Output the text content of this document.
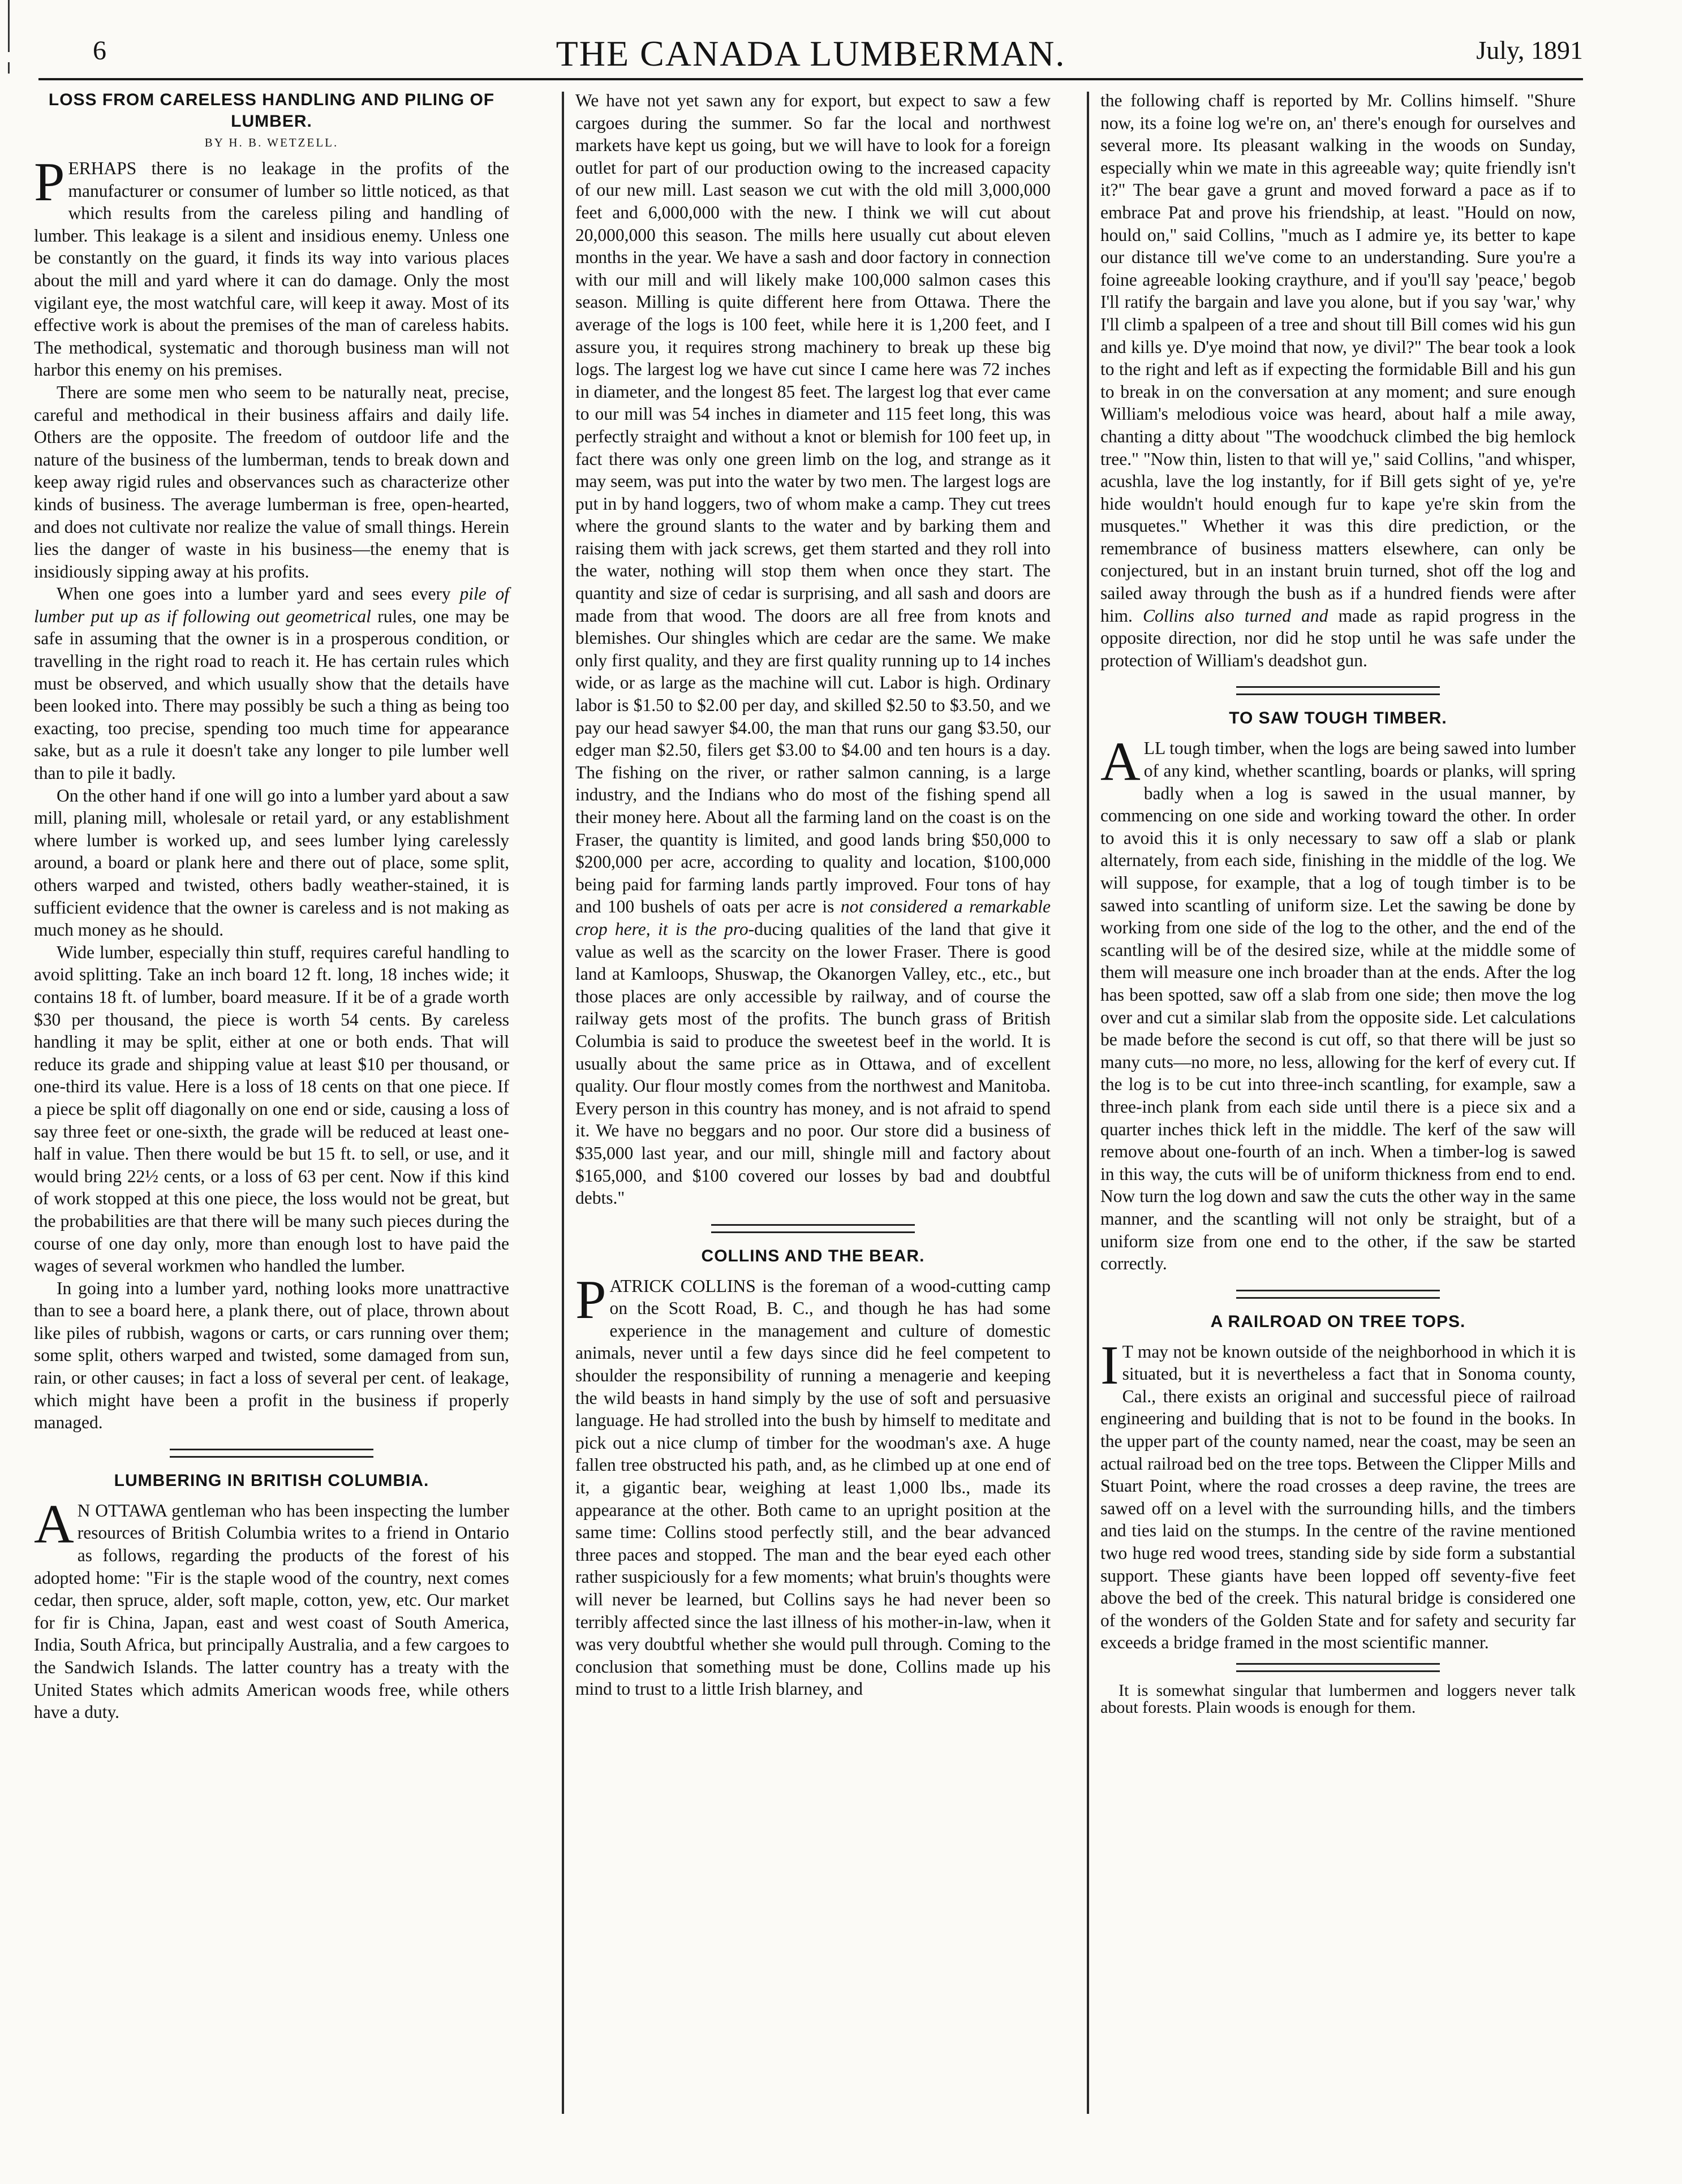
6	THE CANADA LUMBERMAN.	July, 1891
LOSS FROM CARELESS HANDLING AND PILING OF LUMBER.
BY H. B. WETZELL.

PERHAPS there is no leakage in the profits of the manufacturer or consumer of lumber so little noticed, as that which results from the careless piling and handling of lumber. This leakage is a silent and insidious enemy. Unless one be constantly on the guard, it finds its way into various places about the mill and yard where it can do damage. Only the most vigilant eye, the most watchful care, will keep it away. Most of its effective work is about the premises of the man of careless habits. The methodical, systematic and thorough business man will not harbor this enemy on his premises.

There are some men who seem to be naturally neat, precise, careful and methodical in their business affairs and daily life. Others are the opposite. The freedom of outdoor life and the nature of the business of the lumberman, tends to break down and keep away rigid rules and observances such as characterize other kinds of business. The average lumberman is free, open-hearted, and does not cultivate nor realize the value of small things. Herein lies the danger of waste in his business—the enemy that is insidiously sipping away at his profits.

When one goes into a lumber yard and sees every pile of lumber put up as if following out geometrical rules, one may be safe in assuming that the owner is in a prosperous condition, or travelling in the right road to reach it. He has certain rules which must be observed, and which usually show that the details have been looked into. There may possibly be such a thing as being too exacting, too precise, spending too much time for appearance sake, but as a rule it doesn't take any longer to pile lumber well than to pile it badly.

On the other hand if one will go into a lumber yard about a saw mill, planing mill, wholesale or retail yard, or any establishment where lumber is worked up, and sees lumber lying carelessly around, a board or plank here and there out of place, some split, others warped and twisted, others badly weather-stained, it is sufficient evidence that the owner is careless and is not making as much money as he should.

Wide lumber, especially thin stuff, requires careful handling to avoid splitting. Take an inch board 12 ft. long, 18 inches wide; it contains 18 ft. of lumber, board measure. If it be of a grade worth $30 per thousand, the piece is worth 54 cents. By careless handling it may be split, either at one or both ends. That will reduce its grade and shipping value at least $10 per thousand, or one-third its value. Here is a loss of 18 cents on that one piece. If a piece be split off diagonally on one end or side, causing a loss of say three feet or one-sixth, the grade will be reduced at least one-half in value. Then there would be but 15 ft. to sell, or use, and it would bring 22½ cents, or a loss of 63 per cent. Now if this kind of work stopped at this one piece, the loss would not be great, but the probabilities are that there will be many such pieces during the course of one day only, more than enough lost to have paid the wages of several workmen who handled the lumber.

In going into a lumber yard, nothing looks more unattractive than to see a board here, a plank there, out of place, thrown about like piles of rubbish, wagons or carts, or cars running over them; some split, others warped and twisted, some damaged from sun, rain, or other causes; in fact a loss of several per cent. of leakage, which might have been a profit in the business if properly managed.

LUMBERING IN BRITISH COLUMBIA.

A N OTTAWA gentleman who has been inspecting the lumber resources of British Columbia writes to a friend in Ontario as follows, regarding the products of the forest of his adopted home: "Fir is the staple wood of the country, next comes cedar, then spruce, alder, soft maple, cotton, yew, etc. Our market for fir is China, Japan, east and west coast of South America, India, South Africa, but principally Australia, and a few cargoes to the Sandwich Islands. The latter country has a treaty with the United States which admits American woods free, while others have a duty.

We have not yet sawn any for export, but expect to saw a few cargoes during the summer. So far the local and northwest markets have kept us going, but we will have to look for a foreign outlet for part of our production owing to the increased capacity of our new mill. Last season we cut with the old mill 3,000,000 feet and 6,000,000 with the new. I think we will cut about 20,000,000 this season. The mills here usually cut about eleven months in the year. We have a sash and door factory in connection with our mill and will likely make 100,000 salmon cases this season. Milling is quite different here from Ottawa. There the average of the logs is 100 feet, while here it is 1,200 feet, and I assure you, it requires strong machinery to break up these big logs. The largest log we have cut since I came here was 72 inches in diameter, and the longest 85 feet. The largest log that ever came to our mill was 54 inches in diameter and 115 feet long, this was perfectly straight and without a knot or blemish for 100 feet up, in fact there was only one green limb on the log, and strange as it may seem, was put into the water by two men. The largest logs are put in by hand loggers, two of whom make a camp. They cut trees where the ground slants to the water and by barking them and raising them with jack screws, get them started and they roll into the water, nothing will stop them when once they start. The quantity and size of cedar is surprising, and all sash and doors are made from that wood. The doors are all free from knots and blemishes. Our shingles which are cedar are the same. We make only first quality, and they are first quality running up to 14 inches wide, or as large as the machine will cut. Labor is high. Ordinary labor is $1.50 to $2.00 per day, and skilled $2.50 to $3.50, and we pay our head sawyer $4.00, the man that runs our gang $3.50, our edger man $2.50, filers get $3.00 to $4.00 and ten hours is a day. The fishing on the river, or rather salmon canning, is a large industry, and the Indians who do most of the fishing spend all their money here. About all the farming land on the coast is on the Fraser, the quantity is limited, and good lands bring $50,000 to $200,000 per acre, according to quality and location, $100,000 being paid for farming lands partly improved. Four tons of hay and 100 bushels of oats per acre is not considered a remarkable crop here, it is the pro-ducing qualities of the land that give it value as well as the scarcity on the lower Fraser. There is good land at Kamloops, Shuswap, the Okanorgen Valley, etc., etc., but those places are only accessible by railway, and of course the railway gets most of the profits. The bunch grass of British Columbia is said to produce the sweetest beef in the world. It is usually about the same price as in Ottawa, and of excellent quality. Our flour mostly comes from the northwest and Manitoba. Every person in this country has money, and is not afraid to spend it. We have no beggars and no poor. Our store did a business of $35,000 last year, and our mill, shingle mill and factory about $165,000, and $100 covered our losses by bad and doubtful debts."

COLLINS AND THE BEAR.

PATRICK COLLINS is the foreman of a wood-cutting camp on the Scott Road, B. C., and though he has had some experience in the management and culture of domestic animals, never until a few days since did he feel competent to shoulder the responsibility of running a menagerie and keeping the wild beasts in hand simply by the use of soft and persuasive language. He had strolled into the bush by himself to meditate and pick out a nice clump of timber for the woodman's axe. A huge fallen tree obstructed his path, and, as he climbed up at one end of it, a gigantic bear, weighing at least 1,000 lbs., made its appearance at the other. Both came to an upright position at the same time: Collins stood perfectly still, and the bear advanced three paces and stopped. The man and the bear eyed each other rather suspiciously for a few moments; what bruin's thoughts were will never be learned, but Collins says he had never been so terribly affected since the last illness of his mother-in-law, when it was very doubtful whether she would pull through. Coming to the conclusion that something must be done, Collins made up his mind to trust to a little Irish blarney, and

the following chaff is reported by Mr. Collins himself. "Shure now, its a foine log we're on, an' there's enough for ourselves and several more. Its pleasant walking in the woods on Sunday, especially whin we mate in this agreeable way; quite friendly isn't it?" The bear gave a grunt and moved forward a pace as if to embrace Pat and prove his friendship, at least. "Hould on now, hould on," said Collins, "much as I admire ye, its better to kape our distance till we've come to an understanding. Sure you're a foine agreeable looking craythure, and if you'll say 'peace,' begob I'll ratify the bargain and lave you alone, but if you say 'war,' why I'll climb a spalpeen of a tree and shout till Bill comes wid his gun and kills ye. D'ye moind that now, ye divil?" The bear took a look to the right and left as if expecting the formidable Bill and his gun to break in on the conversation at any moment; and sure enough William's melodious voice was heard, about half a mile away, chanting a ditty about "The woodchuck climbed the big hemlock tree." "Now thin, listen to that will ye," said Collins, "and whisper, acushla, lave the log instantly, for if Bill gets sight of ye, ye're hide wouldn't hould enough fur to kape ye're skin from the musquetes." Whether it was this dire prediction, or the remembrance of business matters elsewhere, can only be conjectured, but in an instant bruin turned, shot off the log and sailed away through the bush as if a hundred fiends were after him. Collins also turned and made as rapid progress in the opposite direction, nor did he stop until he was safe under the protection of William's deadshot gun.

TO SAW TOUGH TIMBER.

ALL tough timber, when the logs are being sawed into lumber of any kind, whether scantling, boards or planks, will spring badly when a log is sawed in the usual manner, by commencing on one side and working toward the other. In order to avoid this it is only necessary to saw off a slab or plank alternately, from each side, finishing in the middle of the log. We will suppose, for example, that a log of tough timber is to be sawed into scantling of uniform size. Let the sawing be done by working from one side of the log to the other, and the end of the scantling will be of the desired size, while at the middle some of them will measure one inch broader than at the ends. After the log has been spotted, saw off a slab from one side; then move the log over and cut a similar slab from the opposite side. Let calculations be made before the second is cut off, so that there will be just so many cuts—no more, no less, allowing for the kerf of every cut. If the log is to be cut into three-inch scantling, for example, saw a three-inch plank from each side until there is a piece six and a quarter inches thick left in the middle. The kerf of the saw will remove about one-fourth of an inch. When a timber-log is sawed in this way, the cuts will be of uniform thickness from end to end. Now turn the log down and saw the cuts the other way in the same manner, and the scantling will not only be straight, but of a uniform size from one end to the other, if the saw be started correctly.

A RAILROAD ON TREE TOPS.

I T may not be known outside of the neighborhood in which it is situated, but it is nevertheless a fact that in Sonoma county, Cal., there exists an original and successful piece of railroad engineering and building that is not to be found in the books. In the upper part of the county named, near the coast, may be seen an actual railroad bed on the tree tops. Between the Clipper Mills and Stuart Point, where the road crosses a deep ravine, the trees are sawed off on a level with the surrounding hills, and the timbers and ties laid on the stumps. In the centre of the ravine mentioned two huge red wood trees, standing side by side form a substantial support. These giants have been lopped off seventy-five feet above the bed of the creek. This natural bridge is considered one of the wonders of the Golden State and for safety and security far exceeds a bridge framed in the most scientific manner.

It is somewhat singular that lumbermen and loggers never talk about forests. Plain woods is enough for them.
